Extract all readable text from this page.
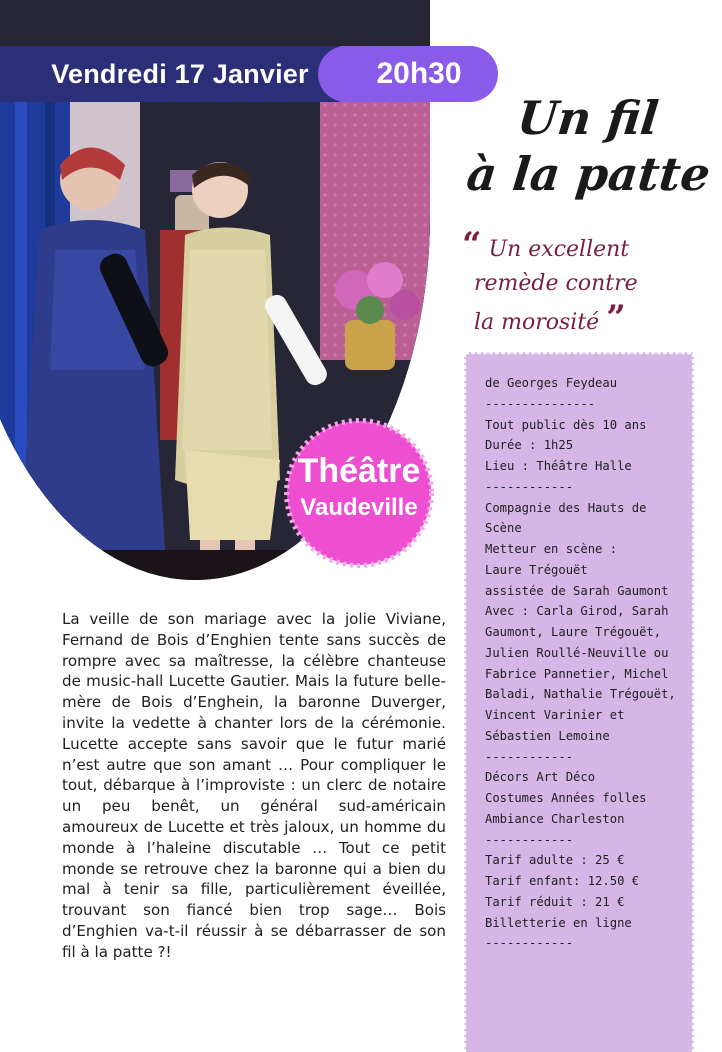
Vendredi 17 Janvier	20h30
Un fil
à la patte
“ Un excellent
remède contre
la morosité ”
Théâtre
Vaudeville
La veille de son mariage avec la jolie Viviane, Fernand de Bois d’Enghien tente sans succès de rompre avec sa maîtresse, la célèbre chanteuse de music-hall Lucette Gautier. Mais la future belle-mère de Bois d’Enghein, la baronne Duverger, invite la vedette à chanter lors de la cérémonie. Lucette accepte sans savoir que le futur marié n’est autre que son amant … Pour compliquer le tout, débarque à l’improviste : un clerc de notaire un peu benêt, un général sud-américain amoureux de Lucette et très jaloux, un homme du monde à l’haleine discutable … Tout ce petit monde se retrouve chez la baronne qui a bien du mal à tenir sa fille, particulièrement éveillée, trouvant son fiancé bien trop sage… Bois d’Enghien va-t-il réussir à se débarrasser de son fil à la patte ?!
de Georges Feydeau
---------------
Tout public dès 10 ans
Durée : 1h25
Lieu : Théâtre Halle
------------
Compagnie des Hauts de
Scène
Metteur en scène :
Laure Trégouët
assistée de Sarah Gaumont
Avec : Carla Girod, Sarah
Gaumont, Laure Trégouët,
Julien Roullé-Neuville ou
Fabrice Pannetier, Michel
Baladi, Nathalie Trégouët,
Vincent Varinier et
Sébastien Lemoine
------------
Décors Art Déco
Costumes Années folles
Ambiance Charleston
------------
Tarif adulte : 25 €
Tarif enfant: 12.50 €
Tarif réduit : 21 €
Billetterie en ligne
------------
